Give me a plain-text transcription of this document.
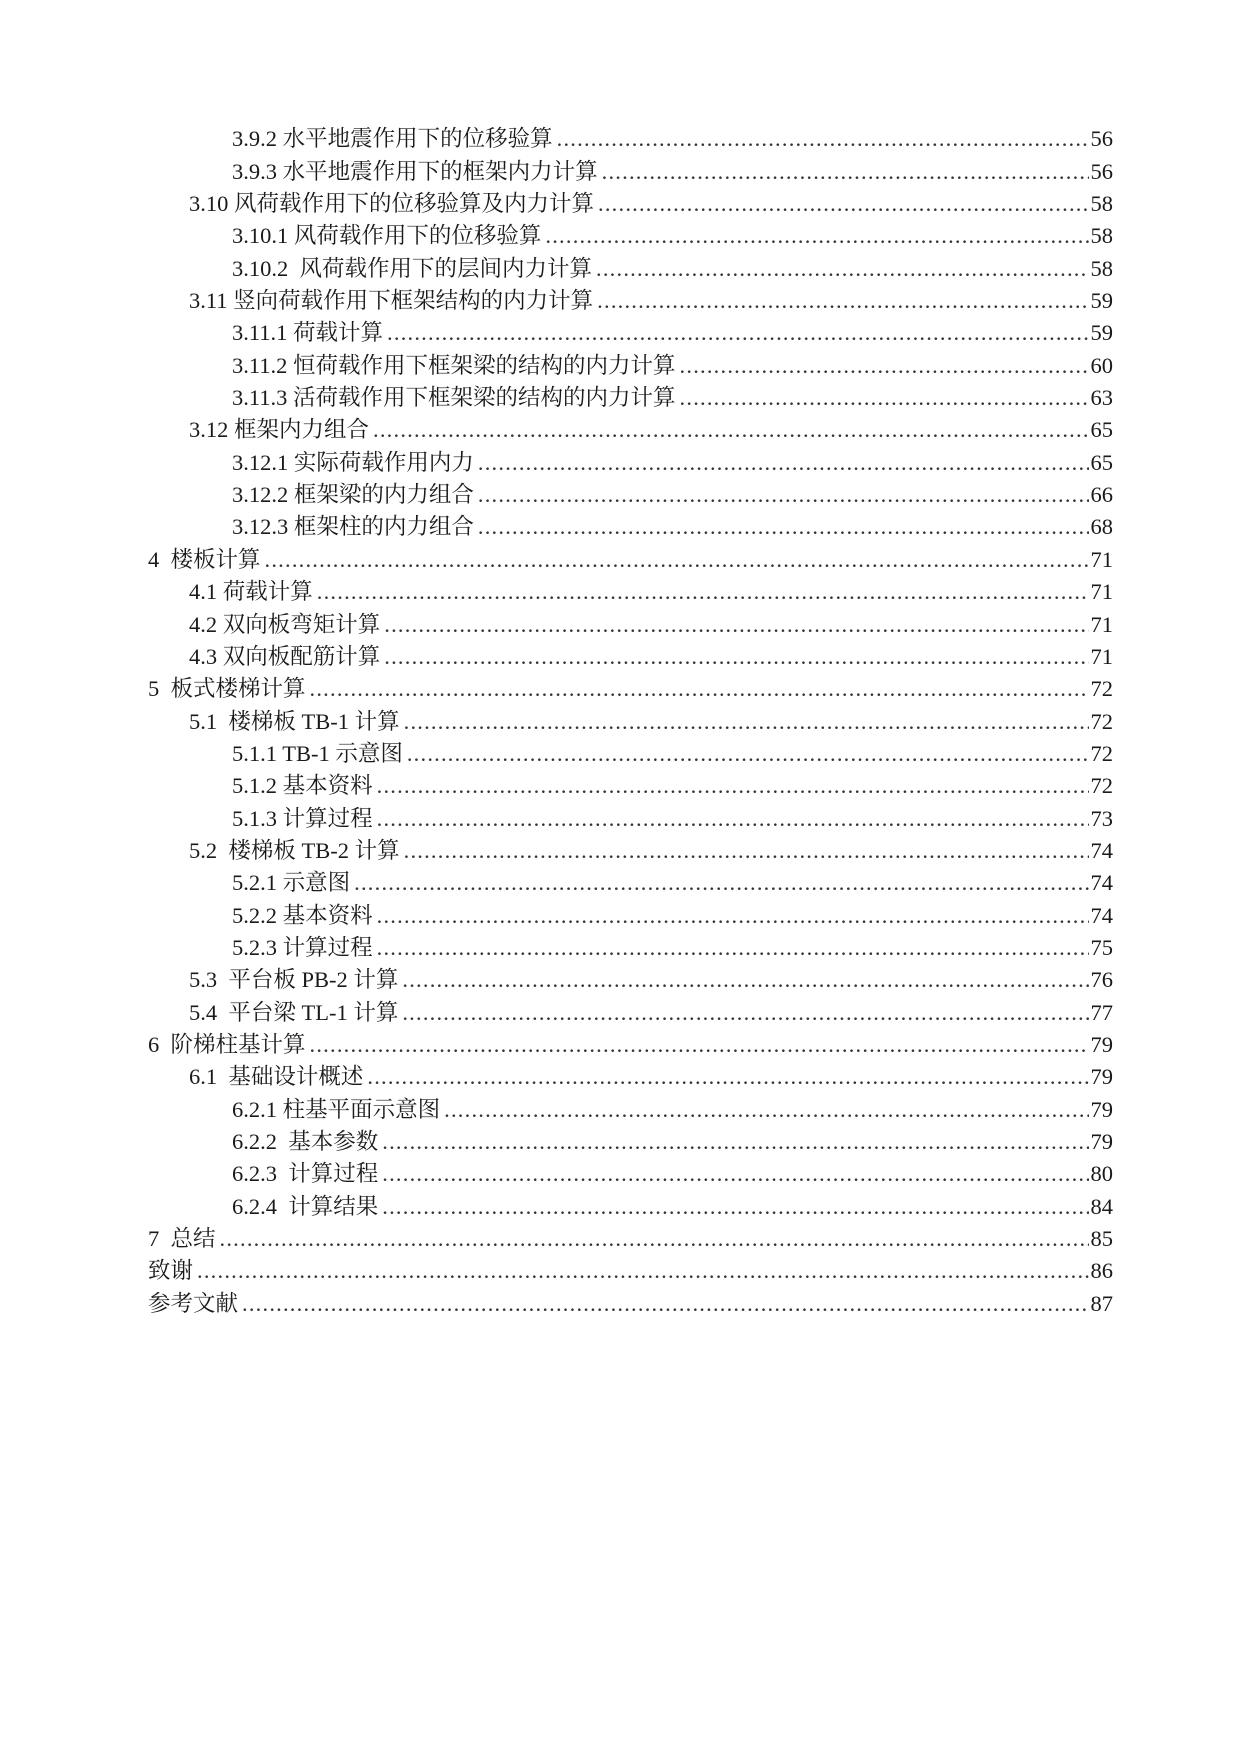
3.9.2 水平地震作用下的位移验算 .....	56
3.9.3 水平地震作用下的框架内力计算 .....	56
3.10 风荷载作用下的位移验算及内力计算 .....	58
3.10.1 风荷载作用下的位移验算 .....	58
3.10.2  风荷载作用下的层间内力计算 .....	58
3.11 竖向荷载作用下框架结构的内力计算 .....	59
3.11.1 荷载计算 .....	59
3.11.2 恒荷载作用下框架梁的结构的内力计算 .....	60
3.11.3 活荷载作用下框架梁的结构的内力计算 .....	63
3.12 框架内力组合 .....	65
3.12.1 实际荷载作用内力 .....	65
3.12.2 框架梁的内力组合 .....	66
3.12.3 框架柱的内力组合 .....	68
4  楼板计算 .....	71
4.1 荷载计算 .....	71
4.2 双向板弯矩计算 .....	71
4.3 双向板配筋计算 .....	71
5  板式楼梯计算 .....	72
5.1  楼梯板 TB-1 计算 .....	72
5.1.1 TB-1 示意图 .....	72
5.1.2 基本资料 .....	72
5.1.3 计算过程 .....	73
5.2  楼梯板 TB-2 计算 .....	74
5.2.1 示意图 .....	74
5.2.2 基本资料 .....	74
5.2.3 计算过程 .....	75
5.3  平台板 PB-2 计算 .....	76
5.4  平台梁 TL-1 计算 .....	77
6  阶梯柱基计算 .....	79
6.1  基础设计概述 .....	79
6.2.1 柱基平面示意图 .....	79
6.2.2  基本参数 .....	79
6.2.3  计算过程 .....	80
6.2.4  计算结果 .....	84
7  总结 .....	85
致谢 .....	86
参考文献 .....	87
